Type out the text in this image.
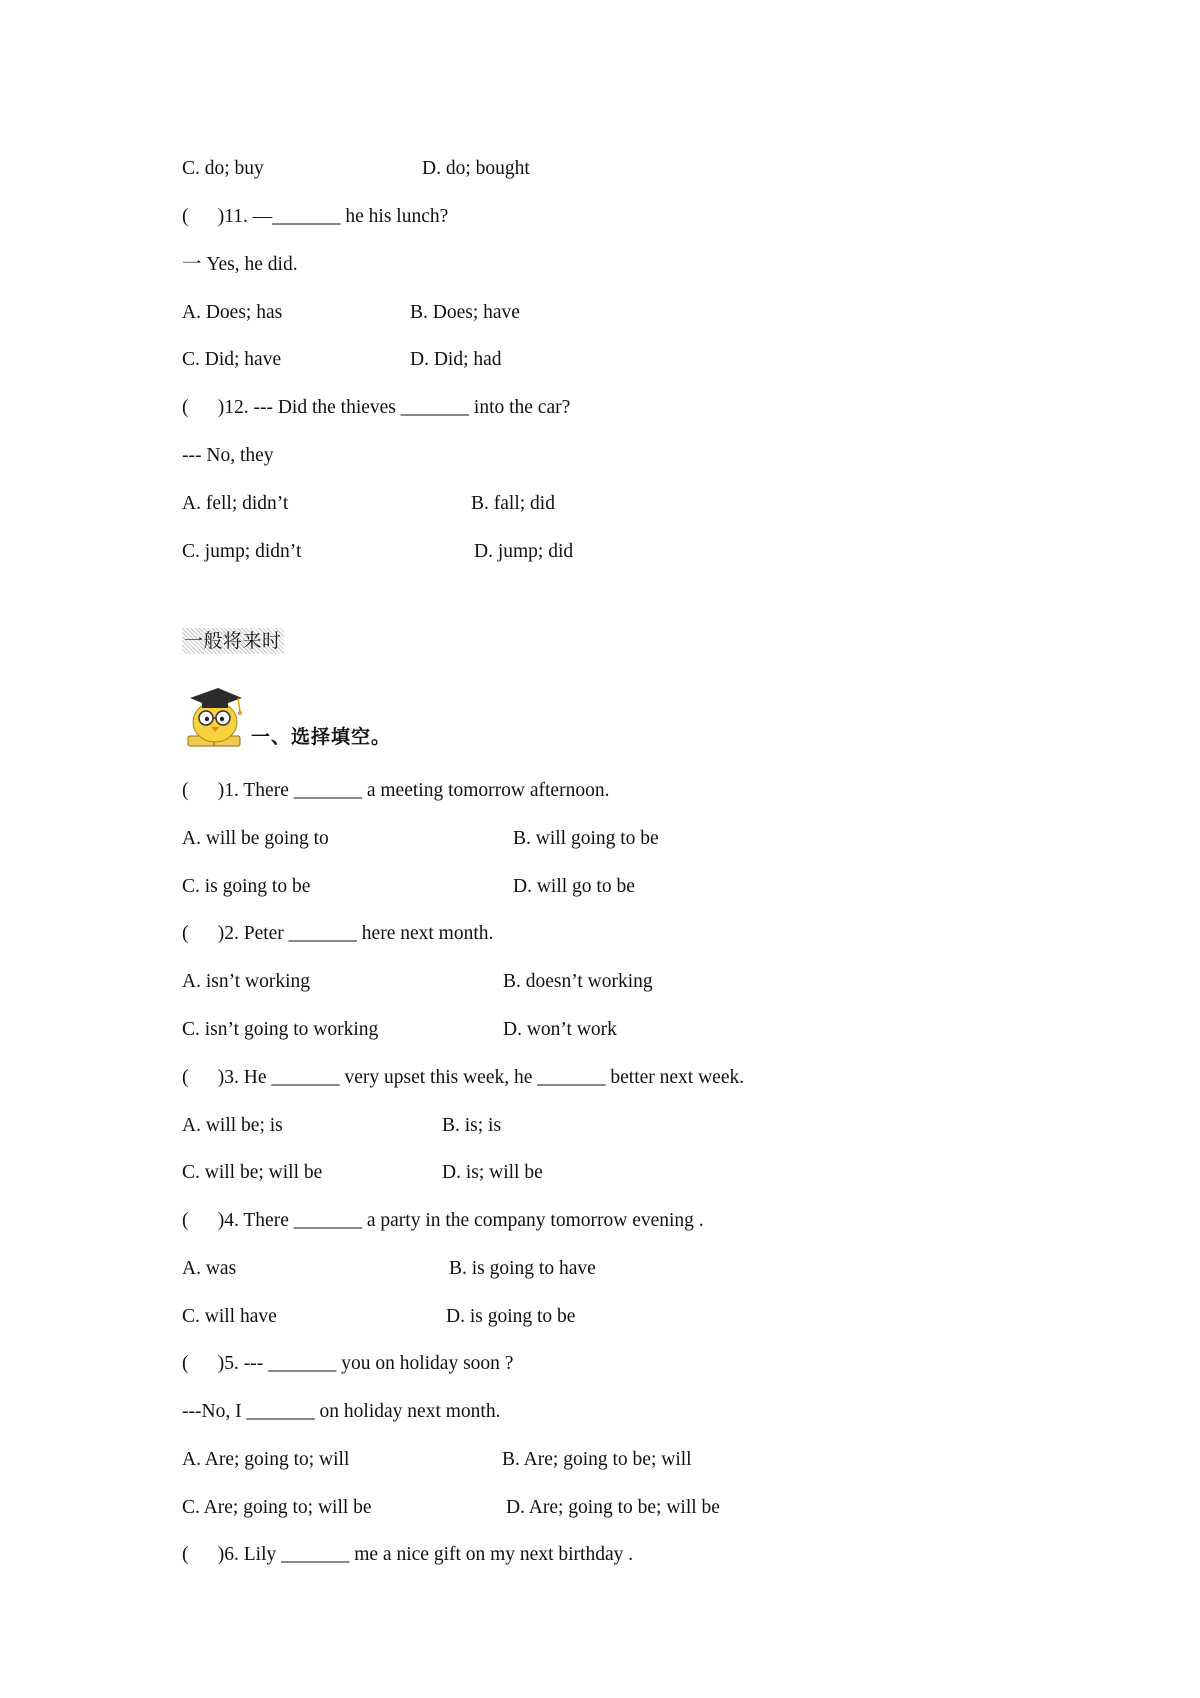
C. do; buy

	D. do; bought

(      )11. —_______ he his lunch?
一 Yes, he did.

A. Does; has

	B. Does; have

C. Did; have

	D. Did; had

(      )12. --- Did the thieves _______ into the car?
--- No, they

A. fell; didn’t

	B. fall; did

C. jump; didn’t

	D. jump; did

一般将来时
一、选择填空。
(      )1. There _______ a meeting tomorrow afternoon.

A. will be going to

	B. will going to be

C. is going to be

	D. will go to be

(      )2. Peter _______ here next month.

A. isn’t working

	B. doesn’t working

C. isn’t going to working

	D. won’t work

(      )3. He _______ very upset this week, he _______ better next week.

A. will be; is

	B. is; is

C. will be; will be

	D. is; will be

(      )4. There _______ a party in the company tomorrow evening .

A. was

	B. is going to have

C. will have

	D. is going to be

(      )5. --- _______ you on holiday soon ?
---No, I _______ on holiday next month.

A. Are; going to; will

	B. Are; going to be; will

C. Are; going to; will be

	D. Are; going to be; will be

(      )6. Lily _______ me a nice gift on my next birthday .
